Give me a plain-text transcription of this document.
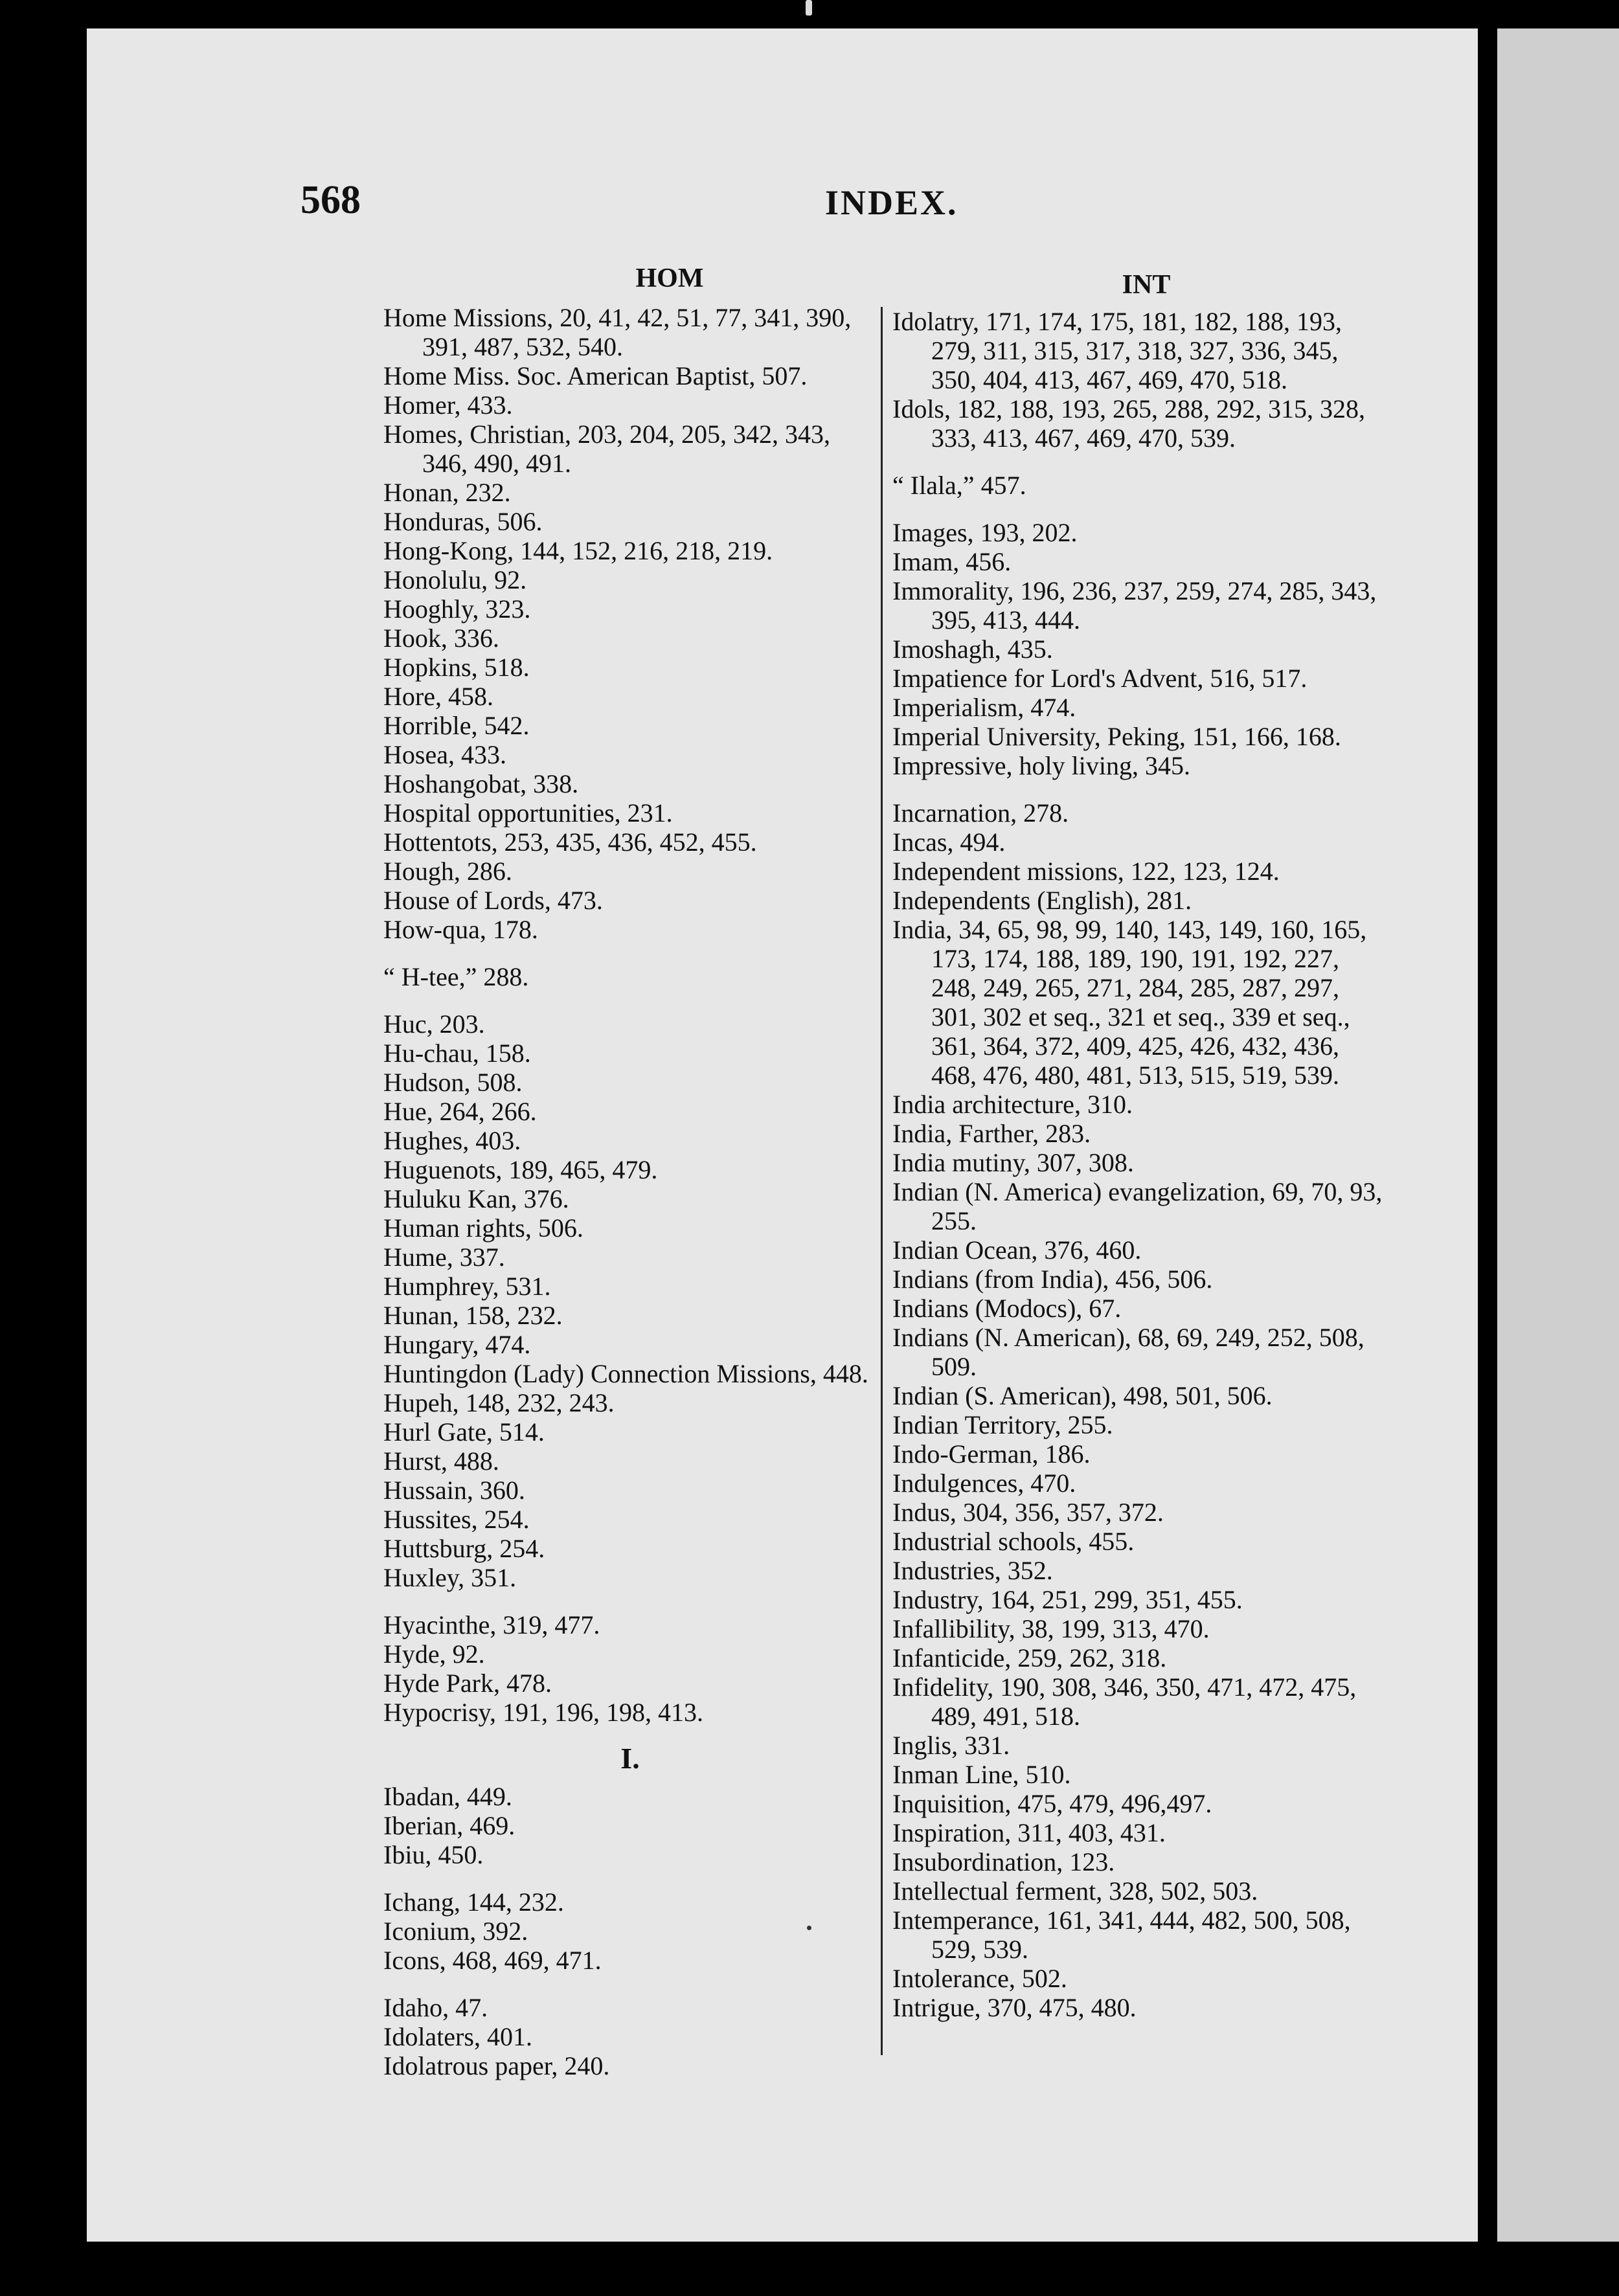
568	INDEX.
HOM	INT
Home Missions, 20, 41, 42, 51, 77, 341, 390, 391, 487, 532, 540.
Home Miss. Soc. American Baptist, 507.
Homer, 433.
Homes, Christian, 203, 204, 205, 342, 343, 346, 490, 491.
Honan, 232.
Honduras, 506.
Hong-Kong, 144, 152, 216, 218, 219.
Honolulu, 92.
Hooghly, 323.
Hook, 336.
Hopkins, 518.
Hore, 458.
Horrible, 542.
Hosea, 433.
Hoshangobat, 338.
Hospital opportunities, 231.
Hottentots, 253, 435, 436, 452, 455.
Hough, 286.
House of Lords, 473.
How-qua, 178.
“ H-tee,” 288.
Huc, 203.
Hu-chau, 158.
Hudson, 508.
Hue, 264, 266.
Hughes, 403.
Huguenots, 189, 465, 479.
Huluku Kan, 376.
Human rights, 506.
Hume, 337.
Humphrey, 531.
Hunan, 158, 232.
Hungary, 474.
Huntingdon (Lady) Connection Missions, 448.
Hupeh, 148, 232, 243.
Hurl Gate, 514.
Hurst, 488.
Hussain, 360.
Hussites, 254.
Huttsburg, 254.
Huxley, 351.
Hyacinthe, 319, 477.
Hyde, 92.
Hyde Park, 478.
Hypocrisy, 191, 196, 198, 413.
I.
Ibadan, 449.
Iberian, 469.
Ibiu, 450.
Ichang, 144, 232.
Iconium, 392.
Icons, 468, 469, 471.
Idaho, 47.
Idolaters, 401.
Idolatrous paper, 240.
Idolatry, 171, 174, 175, 181, 182, 188, 193, 279, 311, 315, 317, 318, 327, 336, 345, 350, 404, 413, 467, 469, 470, 518.
Idols, 182, 188, 193, 265, 288, 292, 315, 328, 333, 413, 467, 469, 470, 539.
“ Ilala,” 457.
Images, 193, 202.
Imam, 456.
Immorality, 196, 236, 237, 259, 274, 285, 343, 395, 413, 444.
Imoshagh, 435.
Impatience for Lord's Advent, 516, 517.
Imperialism, 474.
Imperial University, Peking, 151, 166, 168.
Impressive, holy living, 345.
Incarnation, 278.
Incas, 494.
Independent missions, 122, 123, 124.
Independents (English), 281.
India, 34, 65, 98, 99, 140, 143, 149, 160, 165, 173, 174, 188, 189, 190, 191, 192, 227, 248, 249, 265, 271, 284, 285, 287, 297, 301, 302 et seq., 321 et seq., 339 et seq., 361, 364, 372, 409, 425, 426, 432, 436, 468, 476, 480, 481, 513, 515, 519, 539.
India architecture, 310.
India, Farther, 283.
India mutiny, 307, 308.
Indian (N. America) evangelization, 69, 70, 93, 255.
Indian Ocean, 376, 460.
Indians (from India), 456, 506.
Indians (Modocs), 67.
Indians (N. American), 68, 69, 249, 252, 508, 509.
Indian (S. American), 498, 501, 506.
Indian Territory, 255.
Indo-German, 186.
Indulgences, 470.
Indus, 304, 356, 357, 372.
Industrial schools, 455.
Industries, 352.
Industry, 164, 251, 299, 351, 455.
Infallibility, 38, 199, 313, 470.
Infanticide, 259, 262, 318.
Infidelity, 190, 308, 346, 350, 471, 472, 475, 489, 491, 518.
Inglis, 331.
Inman Line, 510.
Inquisition, 475, 479, 496,497.
Inspiration, 311, 403, 431.
Insubordination, 123.
Intellectual ferment, 328, 502, 503.
Intemperance, 161, 341, 444, 482, 500, 508, 529, 539.
Intolerance, 502.
Intrigue, 370, 475, 480.
